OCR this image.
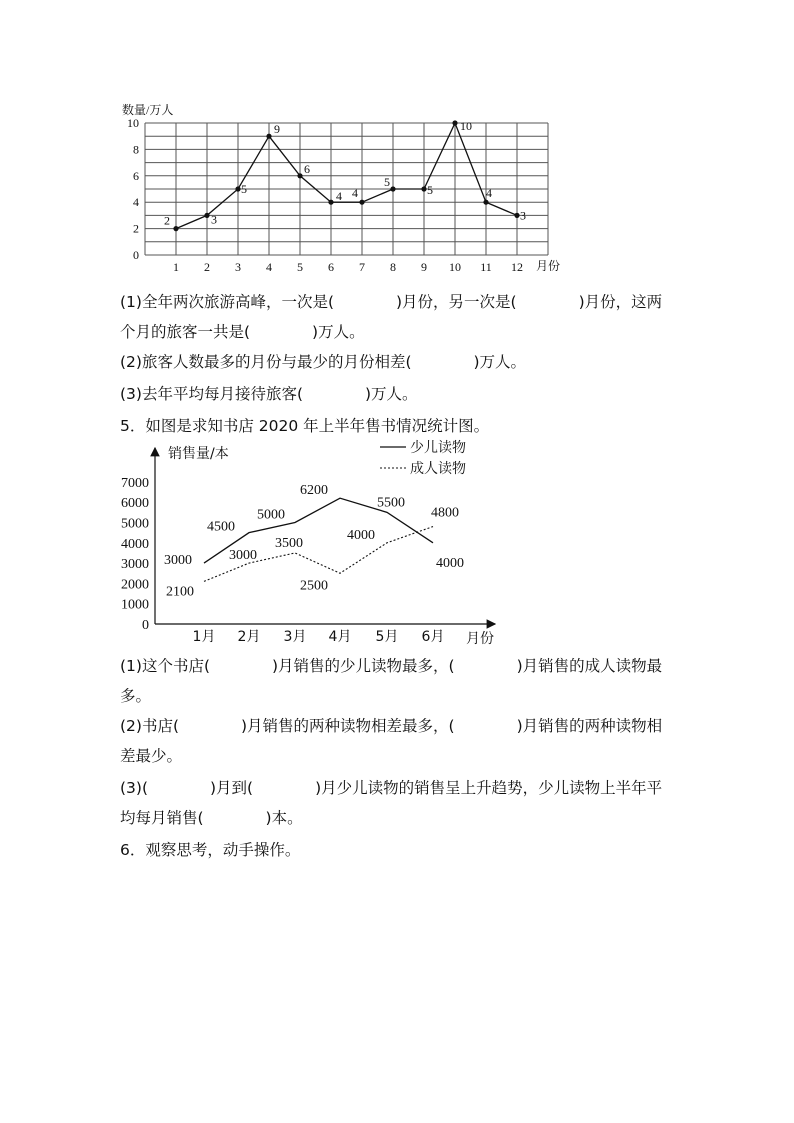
数量/万人
0
2
4
6
8
10
1 2 3 4 5 6 7 8 9 10 11 12
2	3
5
9
6
4 4
5
5
10
4
3
月份
(1)全年两次旅游高峰，一次是(　　　　)月份，另一次是(　　　　)月份，这两
个月的旅客一共是(　　　　)万人。
(2)旅客人数最多的月份与最少的月份相差(　　　　)万人。
(3)去年平均每月接待旅客(　　　　)万人。
5．如图是求知书店 2020 年上半年售书情况统计图。
销售量/本
0
1000
2000
3000
4000
5000
6000
7000
1月 2月 3月 4月 5月 6月
3000
4500
5000
6200
5500
4000
2100
3000
3500
2500
4000
4800
月份
少儿读物
成人读物
(1)这个书店(　　　　)月销售的少儿读物最多，(　　　　)月销售的成人读物最
多。
(2)书店(　　　　)月销售的两种读物相差最多，(　　　　)月销售的两种读物相
差最少。
(3)(　　　　)月到(　　　　)月少儿读物的销售呈上升趋势，少儿读物上半年平
均每月销售(　　　　)本。
6．观察思考，动手操作。
